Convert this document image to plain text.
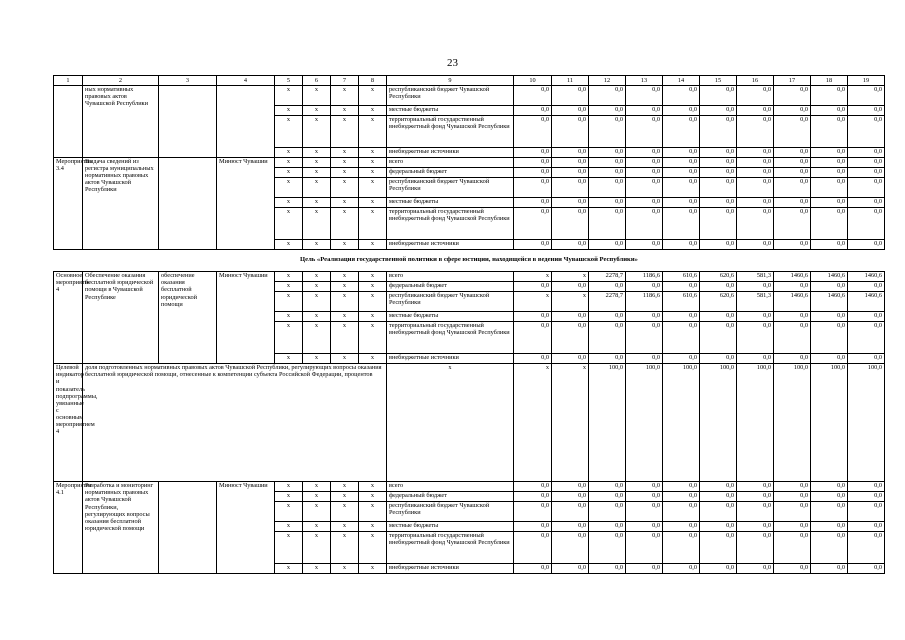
23
1	2	3	4	5	6	7	8	9	10	11	12	13	14	15	16	17	18	19
	ных нормативных правовых актов Чувашской Республики			x	x	x	x	республиканский бюджет Чувашской Республики	0,0	0,0	0,0	0,0	0,0	0,0	0,0	0,0	0,0	0,0
				x	x	x	x	местные бюджеты	0,0	0,0	0,0	0,0	0,0	0,0	0,0	0,0	0,0	0,0
				x	x	x	x	территориальный государственный внебюджетный фонд Чувашской Республики	0,0	0,0	0,0	0,0	0,0	0,0	0,0	0,0	0,0	0,0
				x	x	x	x	внебюджетные источники	0,0	0,0	0,0	0,0	0,0	0,0	0,0	0,0	0,0	0,0
Мероприятие 3.4	Выдача сведений из регистра муниципальных нормативных правовых актов Чувашской Республики		Минюст Чувашии	x	x	x	x	всего	0,0	0,0	0,0	0,0	0,0	0,0	0,0	0,0	0,0	0,0
				x	x	x	x	федеральный бюджет	0,0	0,0	0,0	0,0	0,0	0,0	0,0	0,0	0,0	0,0
				x	x	x	x	республиканский бюджет Чувашской Республики	0,0	0,0	0,0	0,0	0,0	0,0	0,0	0,0	0,0	0,0
				x	x	x	x	местные бюджеты	0,0	0,0	0,0	0,0	0,0	0,0	0,0	0,0	0,0	0,0
				x	x	x	x	территориальный государственный внебюджетный фонд Чувашской Республики	0,0	0,0	0,0	0,0	0,0	0,0	0,0	0,0	0,0	0,0
				x	x	x	x	внебюджетные источники	0,0	0,0	0,0	0,0	0,0	0,0	0,0	0,0	0,0	0,0
Цель «Реализация государственной политики в сфере юстиции, находящейся в ведении Чувашской Республики»																		
Основное мероприятие 4	Обеспечение оказания бесплатной юридической помощи в Чувашской Республике	обеспечение оказания бесплатной юридической помощи	Минюст Чувашии	x	x	x	x	всего	x	x	2278,7	1186,6	610,6	620,6	581,3	1460,6	1460,6	1460,6
				x	x	x	x	федеральный бюджет	0,0	0,0	0,0	0,0	0,0	0,0	0,0	0,0	0,0	0,0
				x	x	x	x	республиканский бюджет Чувашской Республики	x	x	2278,7	1186,6	610,6	620,6	581,3	1460,6	1460,6	1460,6
				x	x	x	x	местные бюджеты	0,0	0,0	0,0	0,0	0,0	0,0	0,0	0,0	0,0	0,0
				x	x	x	x	территориальный государственный внебюджетный фонд Чувашской Республики	0,0	0,0	0,0	0,0	0,0	0,0	0,0	0,0	0,0	0,0
				x	x	x	x	внебюджетные источники	0,0	0,0	0,0	0,0	0,0	0,0	0,0	0,0	0,0	0,0
Целевой индикатор и показатель подпрограммы, увязанные с основным мероприятием 4	доля подготовленных нормативных правовых актов Чувашской Республики, регулирующих вопросы оказания бесплатной юридической помощи, отнесенные к компетенции субъекта Российской Федерации, процентов							x	x	x	100,0	100,0	100,0	100,0	100,0	100,0	100,0	100,0
Мероприятие 4.1	Разработка и мониторинг нормативных правовых актов Чувашской Республики, регулирующих вопросы оказания бесплатной юридической помощи		Минюст Чувашии	x	x	x	x	всего	0,0	0,0	0,0	0,0	0,0	0,0	0,0	0,0	0,0	0,0
				x	x	x	x	федеральный бюджет	0,0	0,0	0,0	0,0	0,0	0,0	0,0	0,0	0,0	0,0
				x	x	x	x	республиканский бюджет Чувашской Республики	0,0	0,0	0,0	0,0	0,0	0,0	0,0	0,0	0,0	0,0
				x	x	x	x	местные бюджеты	0,0	0,0	0,0	0,0	0,0	0,0	0,0	0,0	0,0	0,0
				x	x	x	x	территориальный государственный внебюджетный фонд Чувашской Республики	0,0	0,0	0,0	0,0	0,0	0,0	0,0	0,0	0,0	0,0
				x	x	x	x	внебюджетные источники	0,0	0,0	0,0	0,0	0,0	0,0	0,0	0,0	0,0	0,0
